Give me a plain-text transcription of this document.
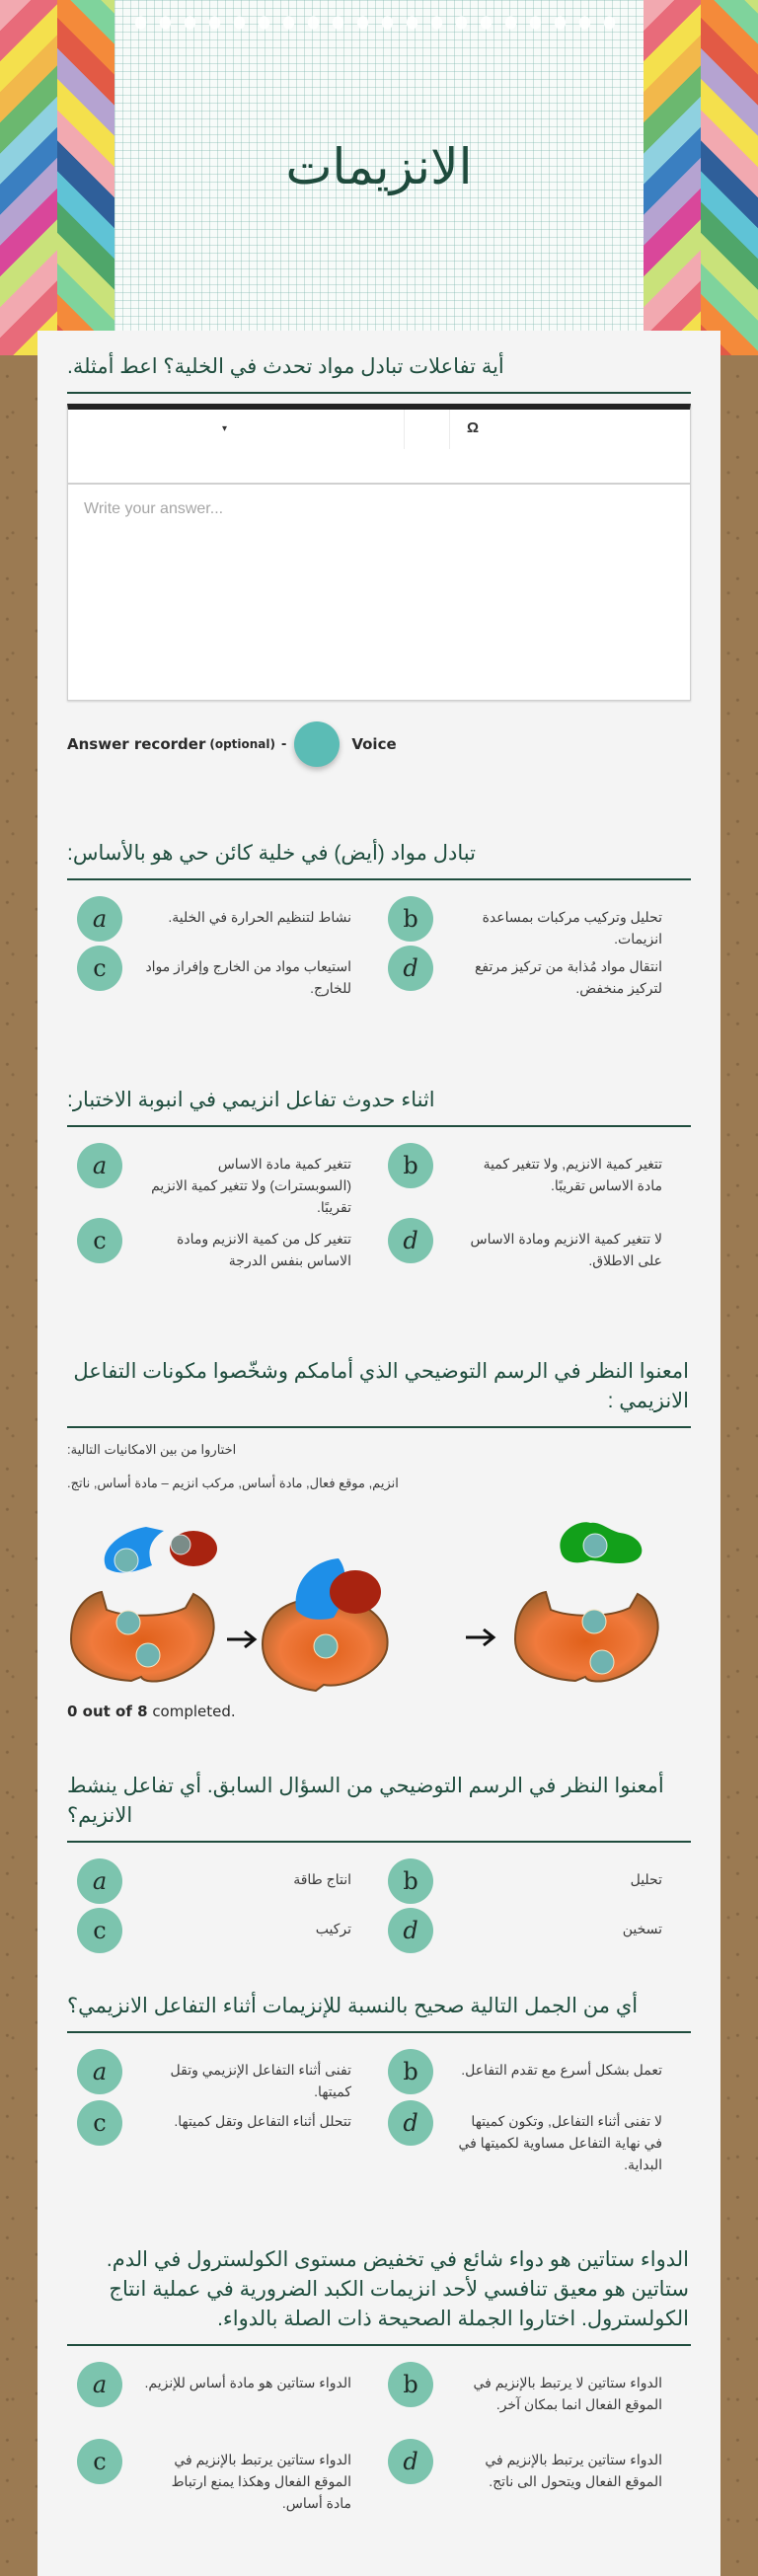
الانزيمات
أية تفاعلات تبادل مواد تحدث في الخلية؟ اعط أمثلة.
▾	Ω
Write your answer...
Answer recorder (optional) -	Voice
تبادل مواد (أيض) في خلية كائن حي هو بالأساس:
a	نشاط لتنظيم الحرارة في الخلية.	b	تحليل وتركيب مركبات بمساعدة انزيمات.
c	استيعاب مواد من الخارج وإفراز مواد للخارج.
d	انتقال مواد مُذابة من تركيز مرتفع لتركيز منخفض.
اثناء حدوث تفاعل انزيمي في انبوبة الاختبار:
a	تتغير كمية مادة الاساس (السوبسترات) ولا تتغير كمية الانزيم تقريبًا.
b	تتغير كمية الانزيم, ولا تتغير كمية مادة الاساس تقريبًا.
c	تتغير كل من كمية الانزيم ومادة الاساس بنفس الدرجة
d	لا تتغير كمية الانزيم ومادة الاساس على الاطلاق.
امعنوا النظر في الرسم التوضيحي الذي أمامكم وشخّصوا مكونات التفاعل الانزيمي :
اختاروا من بين الامكانيات التالية:
انزيم, موقع فعال, مادة أساس, مركب انزيم – مادة أساس, ناتج.
0 out of 8 completed.
أمعنوا النظر في الرسم التوضيحي من السؤال السابق. أي تفاعل ينشط الانزيم؟
a	انتاج طاقة	b	تحليل
c	تركيب	d	تسخين
أي من الجمل التالية صحيح بالنسبة للإنزيمات أثناء التفاعل الانزيمي؟
a	تفنى أثناء التفاعل الإنزيمي وتقل كميتها.
b	تعمل بشكل أسرع مع تقدم التفاعل.
c	تتحلل أثناء التفاعل وتقل كميتها.	d	لا تفنى أثناء التفاعل, وتكون كميتها في نهاية التفاعل مساوية لكميتها في البداية.
الدواء ستاتين هو دواء شائع في تخفيض مستوى الكولسترول في الدم. ستاتين هو معيق تنافسي لأحد انزيمات الكبد الضرورية في عملية انتاج الكولسترول. اختاروا الجملة الصحيحة ذات الصلة بالدواء.
a	الدواء ستاتين هو مادة أساس للإنزيم.	b	الدواء ستاتين لا يرتبط بالإنزيم في الموقع الفعال انما بمكان آخر.
c	الدواء ستاتين يرتبط بالإنزيم في الموقع الفعال وهكذا يمنع ارتباط مادة أساس.
d	الدواء ستاتين يرتبط بالإنزيم في الموقع الفعال ويتحول الى ناتج.
